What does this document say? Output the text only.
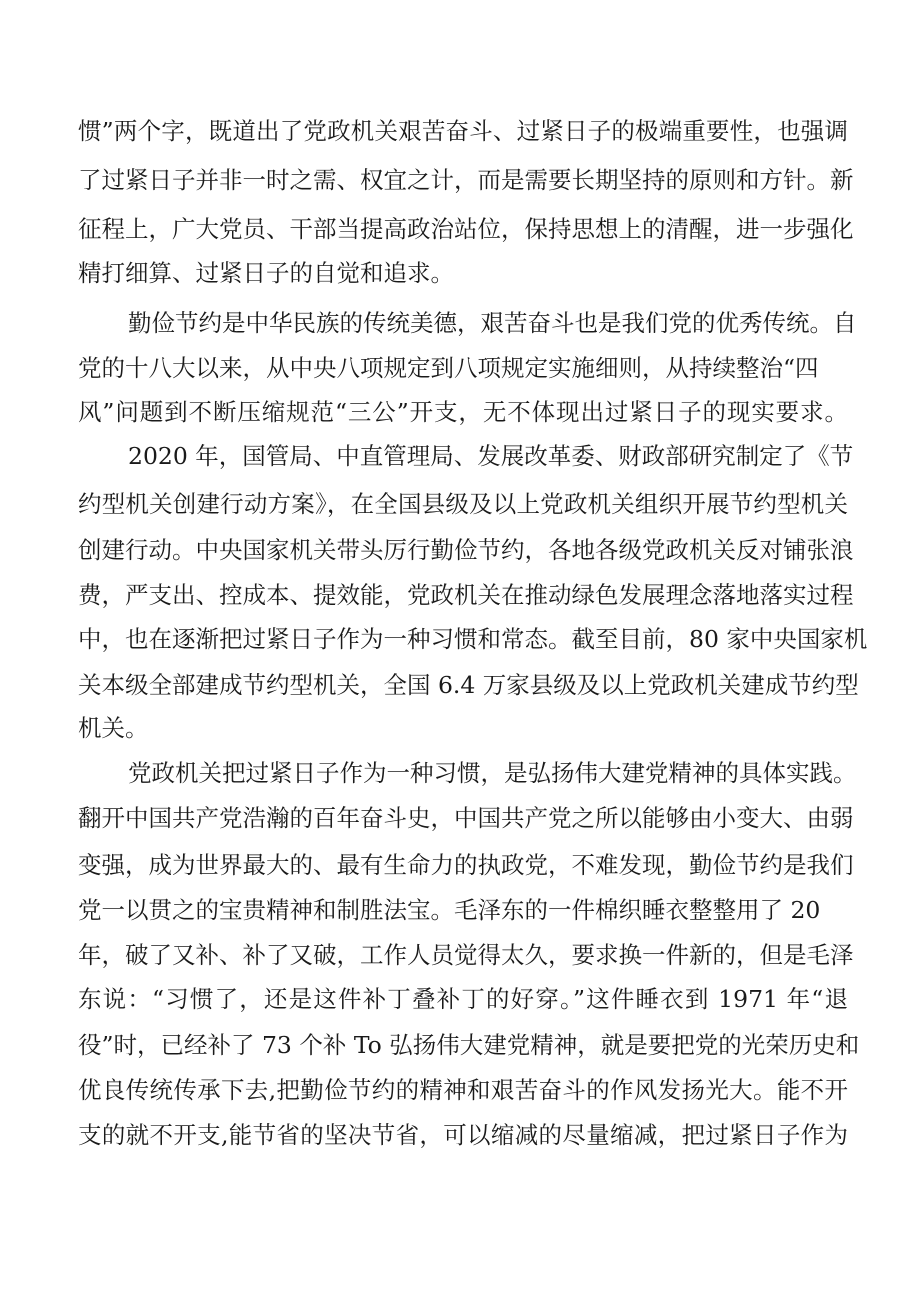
惯”两个字，既道出了党政机关艰苦奋斗、过紧日子的极端重要性，也强调
了过紧日子并非一时之需、权宜之计，而是需要长期坚持的原则和方针。新
征程上，广大党员、干部当提高政治站位，保持思想上的清醒，进一步强化
精打细算、过紧日子的自觉和追求。
勤俭节约是中华民族的传统美德，艰苦奋斗也是我们党的优秀传统。自
党的十八大以来，从中央八项规定到八项规定实施细则，从持续整治“四
风”问题到不断压缩规范“三公”开支，无不体现出过紧日子的现实要求。
2020 年，国管局、中直管理局、发展改革委、财政部研究制定了《节
约型机关创建行动方案》，在全国县级及以上党政机关组织开展节约型机关
创建行动。中央国家机关带头厉行勤俭节约，各地各级党政机关反对铺张浪
费，严支出、控成本、提效能，党政机关在推动绿色发展理念落地落实过程
中，也在逐渐把过紧日子作为一种习惯和常态。截至目前，80 家中央国家机
关本级全部建成节约型机关，全国 6.4 万家县级及以上党政机关建成节约型
机关。
党政机关把过紧日子作为一种习惯，是弘扬伟大建党精神的具体实践。
翻开中国共产党浩瀚的百年奋斗史，中国共产党之所以能够由小变大、由弱
变强，成为世界最大的、最有生命力的执政党，不难发现，勤俭节约是我们
党一以贯之的宝贵精神和制胜法宝。毛泽东的一件棉织睡衣整整用了 20
年，破了又补、补了又破，工作人员觉得太久，要求换一件新的，但是毛泽
东说：“习惯了，还是这件补丁叠补丁的好穿。”这件睡衣到 1971 年“退
役”时，已经补了 73 个补 To 弘扬伟大建党精神，就是要把党的光荣历史和
优良传统传承下去,把勤俭节约的精神和艰苦奋斗的作风发扬光大。能不开
支的就不开支,能节省的坚决节省，可以缩减的尽量缩减，把过紧日子作为
